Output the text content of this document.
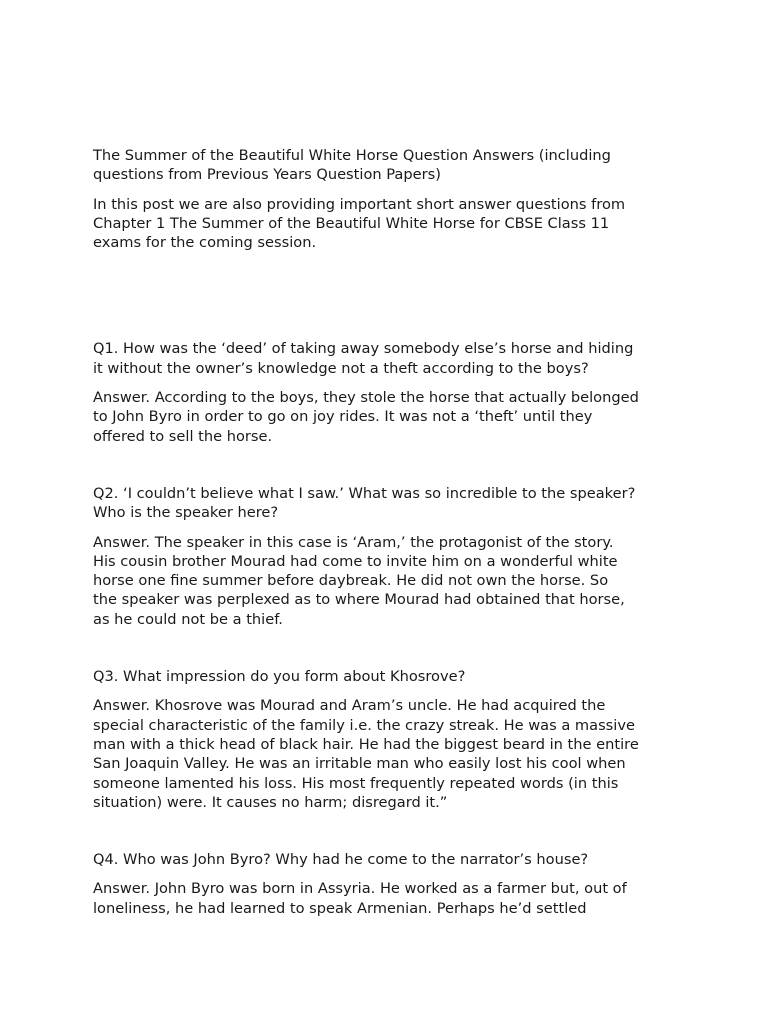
The Summer of the Beautiful White Horse Question Answers (including
questions from Previous Years Question Papers)

In this post we are also providing important short answer questions from
Chapter 1 The Summer of the Beautiful White Horse for CBSE Class 11
exams for the coming session.

Q1. How was the ‘deed’ of taking away somebody else’s horse and hiding
it without the owner’s knowledge not a theft according to the boys?

Answer. According to the boys, they stole the horse that actually belonged
to John Byro in order to go on joy rides. It was not a ‘theft’ until they
offered to sell the horse.

Q2. ‘I couldn’t believe what I saw.’ What was so incredible to the speaker?
Who is the speaker here?

Answer. The speaker in this case is ‘Aram,’ the protagonist of the story.
His cousin brother Mourad had come to invite him on a wonderful white
horse one fine summer before daybreak. He did not own the horse. So
the speaker was perplexed as to where Mourad had obtained that horse,
as he could not be a thief.

Q3. What impression do you form about Khosrove?

Answer. Khosrove was Mourad and Aram’s uncle. He had acquired the
special characteristic of the family i.e. the crazy streak. He was a massive
man with a thick head of black hair. He had the biggest beard in the entire
San Joaquin Valley. He was an irritable man who easily lost his cool when
someone lamented his loss. His most frequently repeated words (in this
situation) were. It causes no harm; disregard it.”

Q4. Who was John Byro? Why had he come to the narrator’s house?

Answer. John Byro was born in Assyria. He worked as a farmer but, out of
loneliness, he had learned to speak Armenian. Perhaps he’d settled
